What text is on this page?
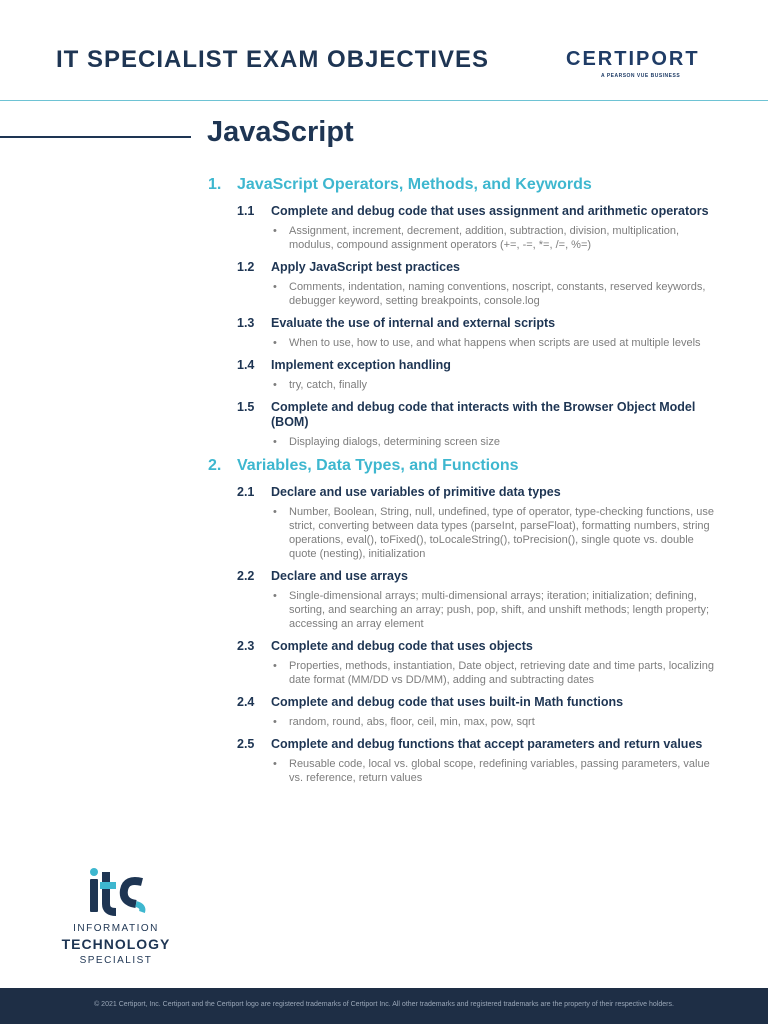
IT SPECIALIST EXAM OBJECTIVES	CERTIPORT
A PEARSON VUE BUSINESS
JavaScript
1. JavaScript Operators, Methods, and Keywords
1.1	Complete and debug code that uses assignment and arithmetic operators
•	Assignment, increment, decrement, addition, subtraction, division, multiplication, modulus, compound assignment operators (+=, -=, *=, /=, %=)
1.2	Apply JavaScript best practices
•	Comments, indentation, naming conventions, noscript, constants, reserved keywords, debugger keyword, setting breakpoints, console.log
1.3	Evaluate the use of internal and external scripts
•	When to use, how to use, and what happens when scripts are used at multiple levels
1.4	Implement exception handling
•	try, catch, finally
1.5	Complete and debug code that interacts with the Browser Object Model (BOM)
•	Displaying dialogs, determining screen size
2. Variables, Data Types, and Functions
2.1	Declare and use variables of primitive data types
•	Number, Boolean, String, null, undefined, type of operator, type-checking functions, use strict, converting between data types (parseInt, parseFloat), formatting numbers, string operations, eval(), toFixed(), toLocaleString(), toPrecision(), single quote vs. double quote (nesting), initialization
2.2	Declare and use arrays
•	Single-dimensional arrays; multi-dimensional arrays; iteration; initialization; defining, sorting, and searching an array; push, pop, shift, and unshift methods; length property; accessing an array element
2.3	Complete and debug code that uses objects
•	Properties, methods, instantiation, Date object, retrieving date and time parts, localizing date format (MM/DD vs DD/MM), adding and subtracting dates
2.4	Complete and debug code that uses built-in Math functions
•	random, round, abs, floor, ceil, min, max, pow, sqrt
2.5	Complete and debug functions that accept parameters and return values
•	Reusable code, local vs. global scope, redefining variables, passing parameters, value vs. reference, return values
INFORMATION
TECHNOLOGY
SPECIALIST
© 2021 Certiport, Inc. Certiport and the Certiport logo are registered trademarks of Certiport Inc. All other trademarks and registered trademarks are the property of their respective holders.
